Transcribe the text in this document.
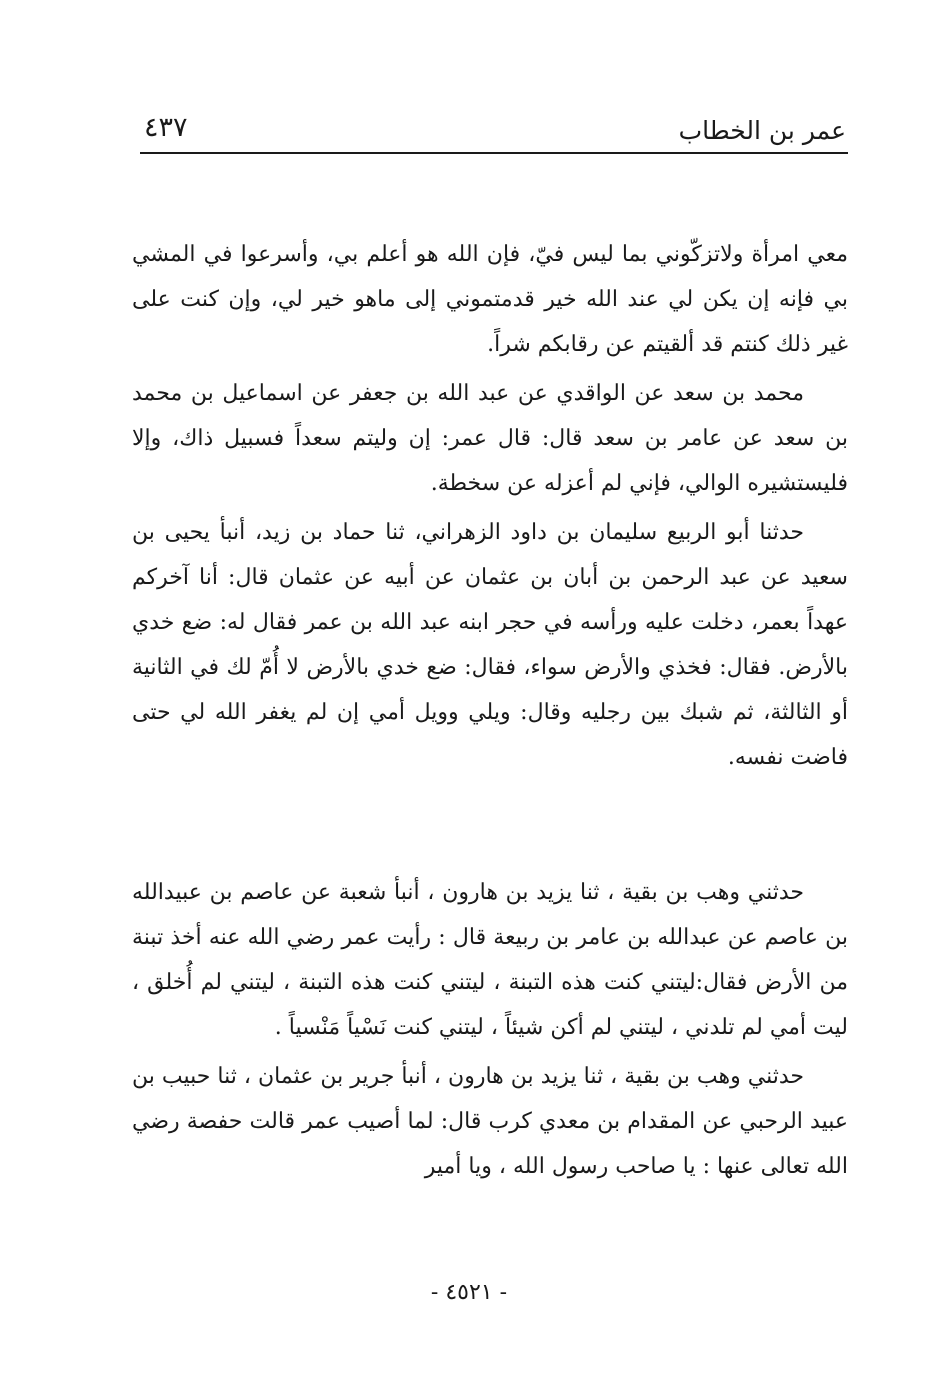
عمر بن الخطاب
٤٣٧

معي امرأة ولاتزكّوني بما ليس فيّ، فإن الله هو أعلم بي، وأسرعوا في المشي بي فإنه إن يكن لي عند الله خير قدمتموني إلى ماهو خير لي، وإن كنت على غير ذلك كنتم قد ألقيتم عن رقابكم شراً.

محمد بن سعد عن الواقدي عن عبد الله بن جعفر عن اسماعيل بن محمد بن سعد عن عامر بن سعد قال: قال عمر: إن وليتم سعداً فسبيل ذاك، وإلا فليستشيره الوالي، فإني لم أعزله عن سخطة.

حدثنا أبو الربيع سليمان بن داود الزهراني، ثنا حماد بن زيد، أنبأ يحيى بن سعيد عن عبد الرحمن بن أبان بن عثمان عن أبيه عن عثمان قال: أنا آخركم عهداً بعمر، دخلت عليه ورأسه في حجر ابنه عبد الله بن عمر فقال له: ضع خدي بالأرض. فقال: فخذي والأرض سواء، فقال: ضع خدي بالأرض لا أُمّ لك في الثانية أو الثالثة، ثم شبك بين رجليه وقال: ويلي وويل أمي إن لم يغفر الله لي حتى فاضت نفسه.

حدثني وهب بن بقية ، ثنا يزيد بن هارون ، أنبأ شعبة عن عاصم بن عبيدالله بن عاصم عن عبدالله بن عامر بن ربيعة قال : رأيت عمر رضي الله عنه أخذ تبنة من الأرض فقال:ليتني كنت هذه التبنة ، ليتني كنت هذه التبنة ، ليتني لم أُخلق ، ليت أمي لم تلدني ، ليتني لم أكن شيئاً ، ليتني كنت نَسْياً مَنْسياً .

حدثني وهب بن بقية ، ثنا يزيد بن هارون ، أنبأ جرير بن عثمان ، ثنا حبيب بن عبيد الرحبي عن المقدام بن معدي كرب قال: لما أصيب عمر قالت حفصة رضي الله تعالى عنها : يا صاحب رسول الله ، ويا أمير

- ٤٥٢١ -
